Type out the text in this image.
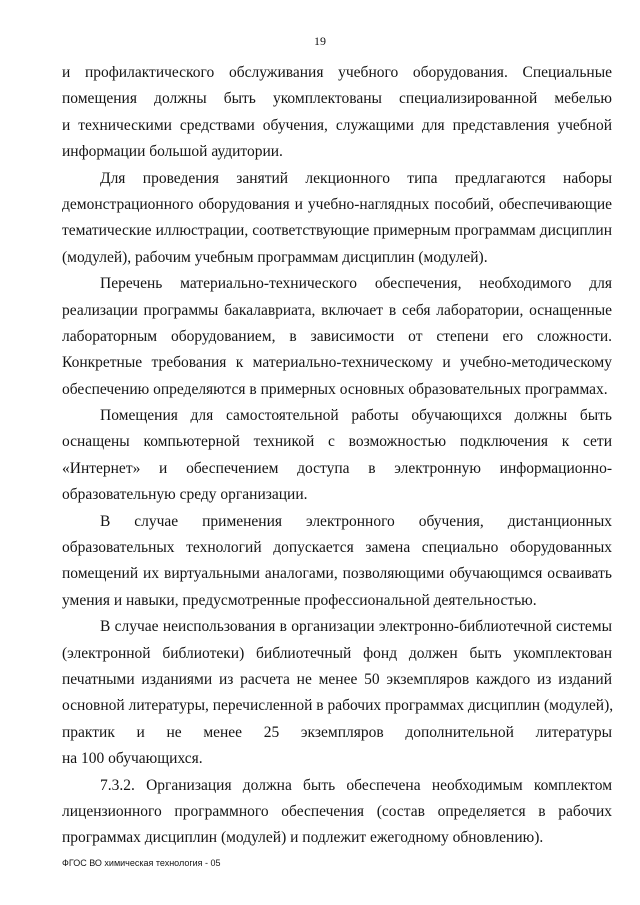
19
и профилактического обслуживания учебного оборудования. Специальные
помещения должны быть укомплектованы специализированной мебелью
и техническими средствами обучения, служащими для представления учебной
информации большой аудитории.
Для проведения занятий лекционного типа предлагаются наборы
демонстрационного оборудования и учебно-наглядных пособий, обеспечивающие
тематические иллюстрации, соответствующие примерным программам дисциплин
(модулей), рабочим учебным программам дисциплин (модулей).
Перечень материально-технического обеспечения, необходимого для
реализации программы бакалавриата, включает в себя лаборатории, оснащенные
лабораторным оборудованием, в зависимости от степени его сложности.
Конкретные требования к материально-техническому и учебно-методическому
обеспечению определяются в примерных основных образовательных программах.
Помещения для самостоятельной работы обучающихся должны быть
оснащены компьютерной техникой с возможностью подключения к сети
«Интернет» и обеспечением доступа в электронную информационно-
образовательную среду организации.
В случае применения электронного обучения, дистанционных
образовательных технологий допускается замена специально оборудованных
помещений их виртуальными аналогами, позволяющими обучающимся осваивать
умения и навыки, предусмотренные профессиональной деятельностью.
В случае неиспользования в организации электронно-библиотечной системы
(электронной библиотеки) библиотечный фонд должен быть укомплектован
печатными изданиями из расчета не менее 50 экземпляров каждого из изданий
основной литературы, перечисленной в рабочих программах дисциплин (модулей),
практик и не менее 25 экземпляров дополнительной литературы
на 100 обучающихся.
7.3.2. Организация должна быть обеспечена необходимым комплектом
лицензионного программного обеспечения (состав определяется в рабочих
программах дисциплин (модулей) и подлежит ежегодному обновлению).
ФГОС ВО химическая технология - 05
